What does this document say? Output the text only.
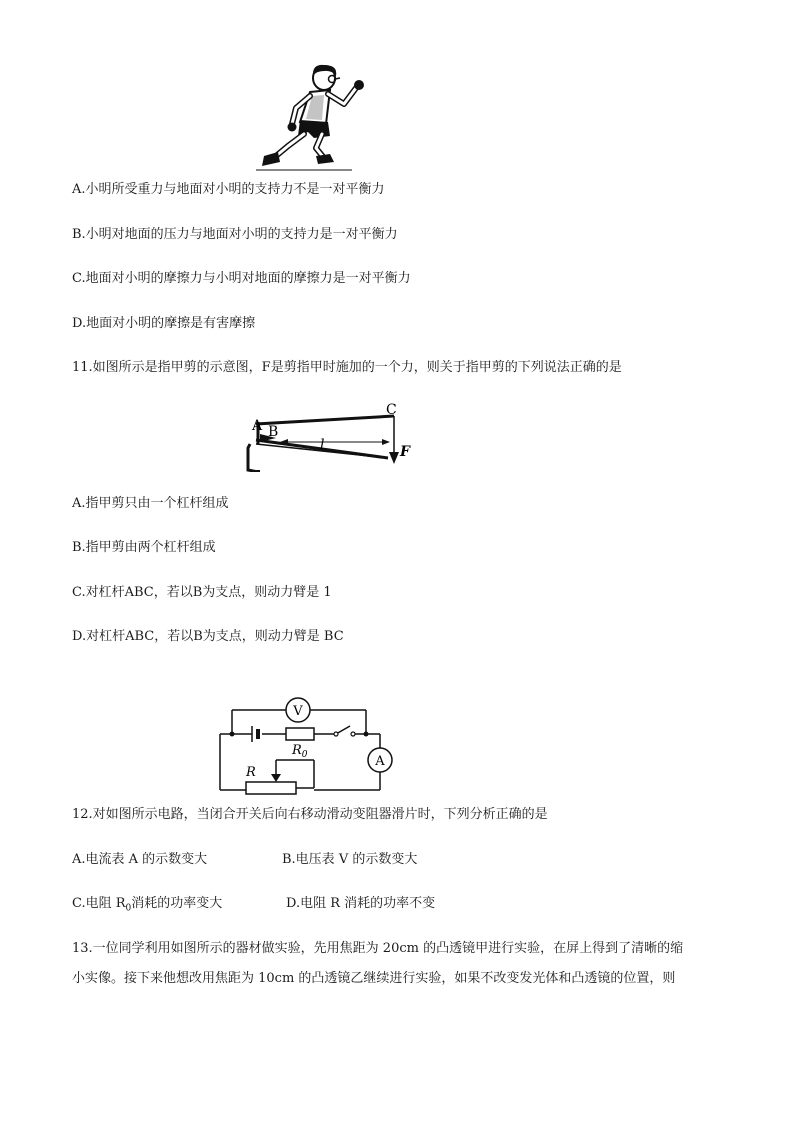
A.小明所受重力与地面对小明的支持力不是一对平衡力

B.小明对地面的压力与地面对小明的支持力是一对平衡力

C.地面对小明的摩擦力与小明对地面的摩擦力是一对平衡力

D.地面对小明的摩擦是有害摩擦

11.如图所示是指甲剪的示意图，F是剪指甲时施加的一个力，则关于指甲剪的下列说法正确的是

A B
C
l	F

A.指甲剪只由一个杠杆组成

B.指甲剪由两个杠杆组成

C.对杠杆ABC，若以B为支点，则动力臂是 1

D.对杠杆ABC，若以B为支点，则动力臂是 BC

V
A
$R_0$
R

12.对如图所示电路，当闭合开关后向右移动滑动变阻器滑片时，下列分析正确的是

A.电流表 A 的示数变大	B.电压表 V 的示数变大

C.电阻 $R_0$消耗的功率变大	D.电阻 R 消耗的功率不变

13.一位同学利用如图所示的器材做实验，先用焦距为 20cm 的凸透镜甲进行实验，在屏上得到了清晰的缩

小实像。接下来他想改用焦距为 10cm 的凸透镜乙继续进行实验，如果不改变发光体和凸透镜的位置，则
